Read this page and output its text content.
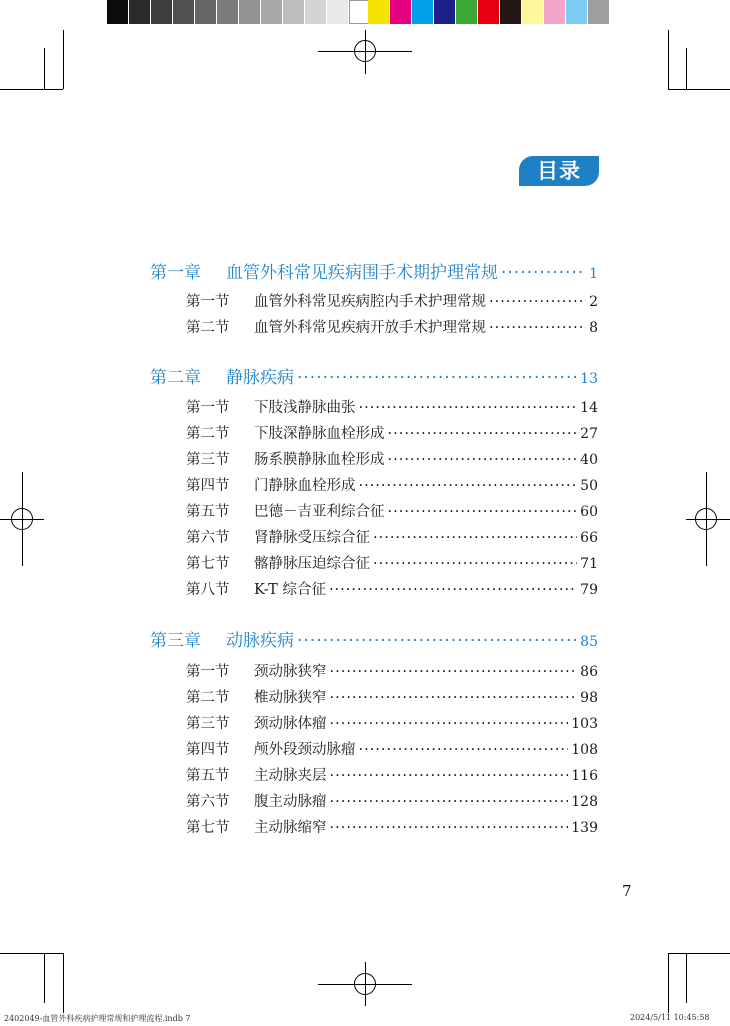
目录
第一章	血管外科常见疾病围手术期护理常规 ·····	1
第一节	血管外科常见疾病腔内手术护理常规 ·····	2
第二节	血管外科常见疾病开放手术护理常规 ·····	8
第二章	静脉疾病 ·····	13
第一节	下肢浅静脉曲张 ·····	14
第二节	下肢深静脉血栓形成 ·····	27
第三节	肠系膜静脉血栓形成 ·····	40
第四节	门静脉血栓形成 ·····	50
第五节	巴德－吉亚利综合征 ·····	60
第六节	肾静脉受压综合征 ·····	66
第七节	髂静脉压迫综合征 ·····	71
第八节	K-T 综合征 ·····	79
第三章	动脉疾病 ·····	85
第一节	颈动脉狭窄 ·····	86
第二节	椎动脉狭窄 ·····	98
第三节	颈动脉体瘤 ·····	103
第四节	颅外段颈动脉瘤 ·····	108
第五节	主动脉夹层 ·····	116
第六节	腹主动脉瘤 ·····	128
第七节	主动脉缩窄 ·····	139
7
2402049-血管外科疾病护理常规和护理流程.indb 7	2024/5/11 10:45:58
